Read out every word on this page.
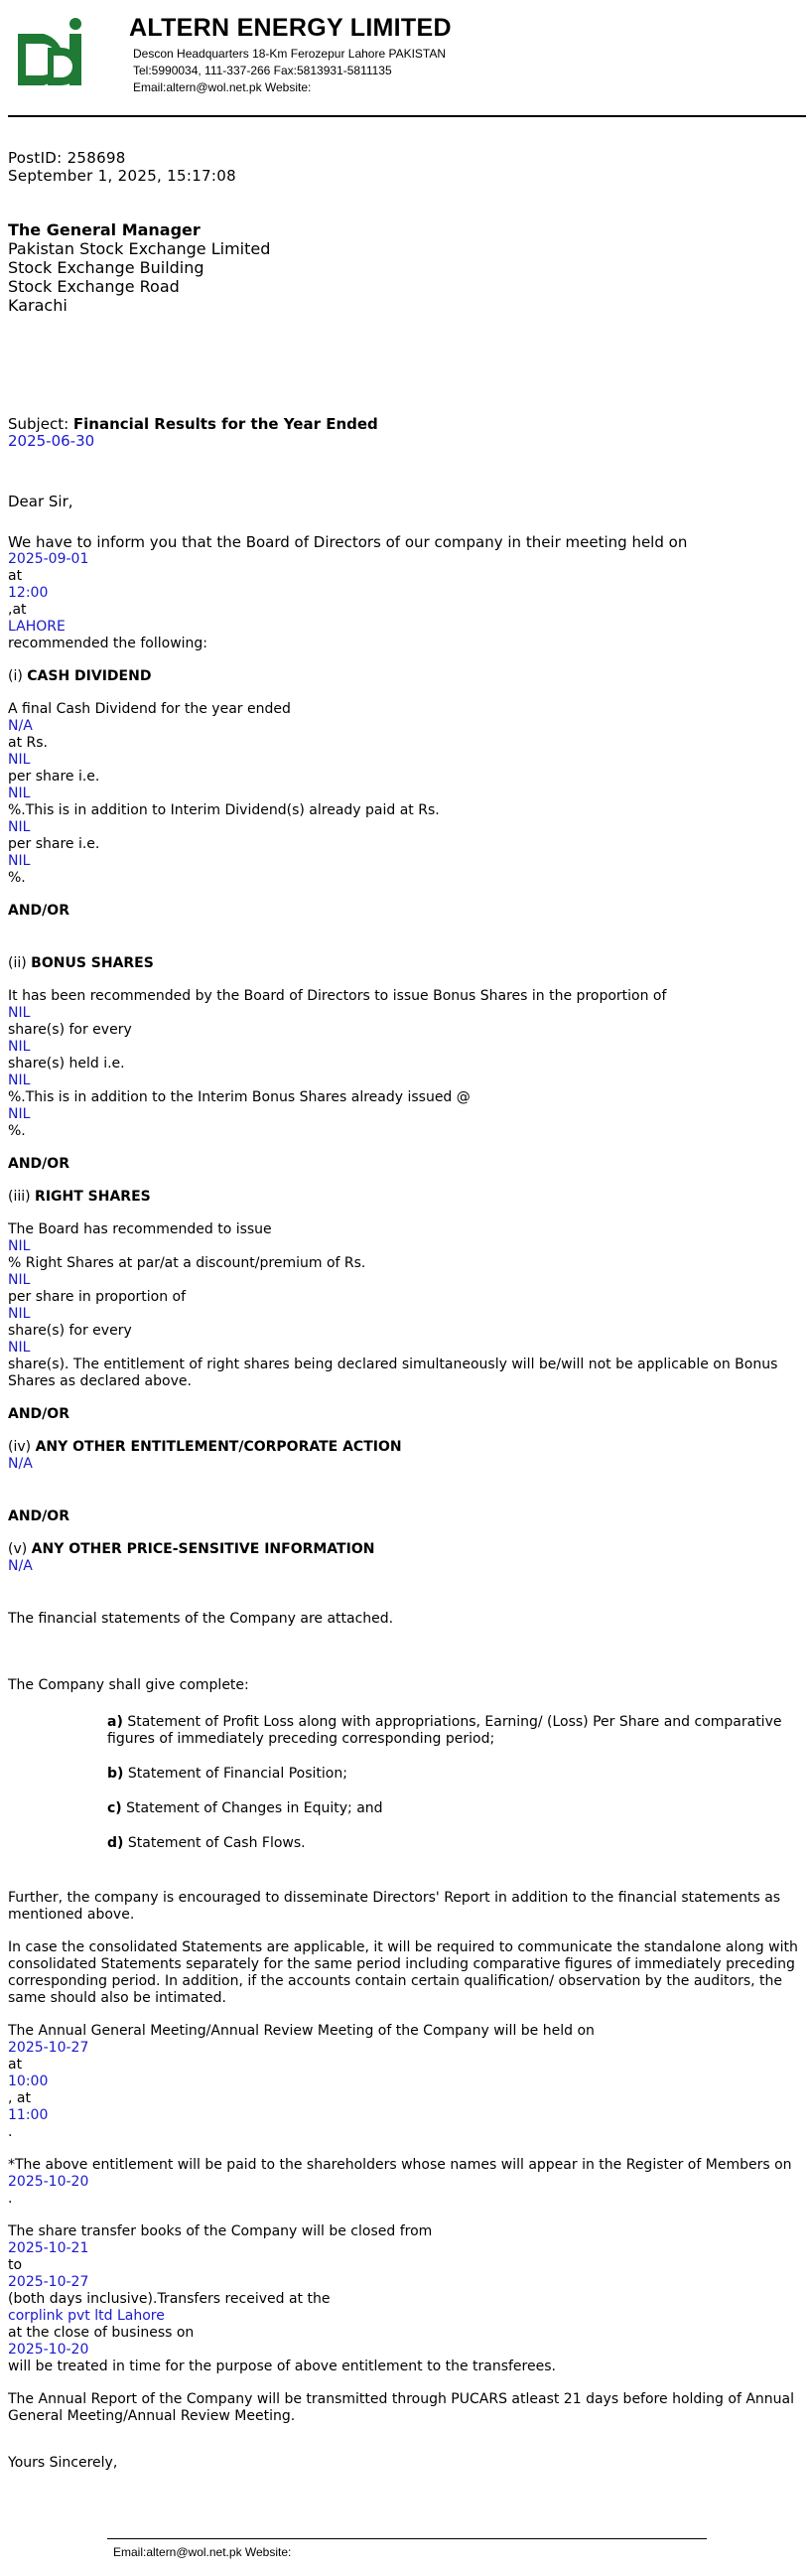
ALTERN ENERGY LIMITED
Descon Headquarters 18-Km Ferozepur Lahore PAKISTAN
Tel:5990034, 111-337-266 Fax:5813931-5811135
Email:altern@wol.net.pk Website:
PostID: 258698
September 1, 2025, 15:17:08
The General Manager
Pakistan Stock Exchange Limited
Stock Exchange Building
Stock Exchange Road
Karachi
Subject: Financial Results for the Year Ended
2025-06-30
Dear Sir,
We have to inform you that the Board of Directors of our company in their meeting held on
2025-09-01
at
12:00
,at
LAHORE
recommended the following:
(i) CASH DIVIDEND
A final Cash Dividend for the year ended
N/A
at Rs.
NIL
per share i.e.
NIL
%.This is in addition to Interim Dividend(s) already paid at Rs.
NIL
per share i.e.
NIL
%.
AND/OR
(ii) BONUS SHARES
It has been recommended by the Board of Directors to issue Bonus Shares in the proportion of
NIL
share(s) for every
NIL
share(s) held i.e.
NIL
%.This is in addition to the Interim Bonus Shares already issued @
NIL
%.
AND/OR
(iii) RIGHT SHARES
The Board has recommended to issue
NIL
% Right Shares at par/at a discount/premium of Rs.
NIL
per share in proportion of
NIL
share(s) for every
NIL
share(s). The entitlement of right shares being declared simultaneously will be/will not be applicable on Bonus Shares as declared above.
AND/OR
(iv) ANY OTHER ENTITLEMENT/CORPORATE ACTION
N/A
AND/OR
(v) ANY OTHER PRICE-SENSITIVE INFORMATION
N/A
The financial statements of the Company are attached.
The Company shall give complete:

a) Statement of Profit Loss along with appropriations, Earning/ (Loss) Per Share and comparative figures of immediately preceding corresponding period;

b) Statement of Financial Position;

c) Statement of Changes in Equity; and

d) Statement of Cash Flows.

Further, the company is encouraged to disseminate Directors' Report in addition to the financial statements as mentioned above.
In case the consolidated Statements are applicable, it will be required to communicate the standalone along with consolidated Statements separately for the same period including comparative figures of immediately preceding corresponding period. In addition, if the accounts contain certain qualification/ observation by the auditors, the same should also be intimated.
The Annual General Meeting/Annual Review Meeting of the Company will be held on
2025-10-27
at
10:00
, at
11:00
.
*The above entitlement will be paid to the shareholders whose names will appear in the Register of Members on
2025-10-20
.
The share transfer books of the Company will be closed from
2025-10-21
to
2025-10-27
(both days inclusive).Transfers received at the
corplink pvt ltd Lahore
at the close of business on
2025-10-20
will be treated in time for the purpose of above entitlement to the transferees.
The Annual Report of the Company will be transmitted through PUCARS atleast 21 days before holding of Annual General Meeting/Annual Review Meeting.
Yours Sincerely,
Email:altern@wol.net.pk Website:
